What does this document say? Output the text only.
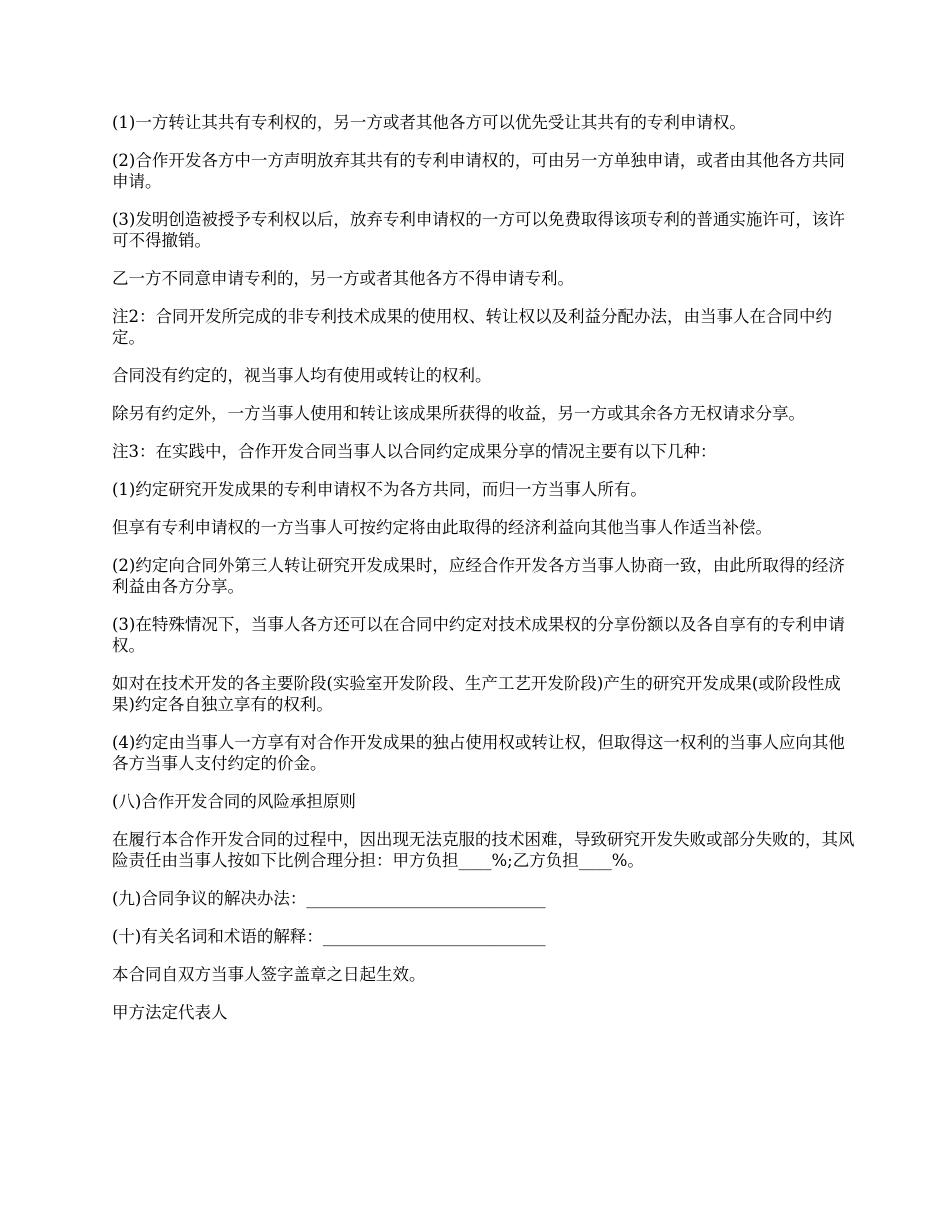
(1)一方转让其共有专利权的，另一方或者其他各方可以优先受让其共有的专利申请权。

(2)合作开发各方中一方声明放弃其共有的专利申请权的，可由另一方单独申请，或者由其他各方共同申请。

(3)发明创造被授予专利权以后，放弃专利申请权的一方可以免费取得该项专利的普通实施许可，该许可不得撤销。

乙一方不同意申请专利的，另一方或者其他各方不得申请专利。

注2：合同开发所完成的非专利技术成果的使用权、转让权以及利益分配办法，由当事人在合同中约定。

合同没有约定的，视当事人均有使用或转让的权利。

除另有约定外，一方当事人使用和转让该成果所获得的收益，另一方或其余各方无权请求分享。

注3：在实践中，合作开发合同当事人以合同约定成果分享的情况主要有以下几种：

(1)约定研究开发成果的专利申请权不为各方共同，而归一方当事人所有。

但享有专利申请权的一方当事人可按约定将由此取得的经济利益向其他当事人作适当补偿。

(2)约定向合同外第三人转让研究开发成果时，应经合作开发各方当事人协商一致，由此所取得的经济利益由各方分享。

(3)在特殊情况下，当事人各方还可以在合同中约定对技术成果权的分享份额以及各自享有的专利申请权。

如对在技术开发的各主要阶段(实验室开发阶段、生产工艺开发阶段)产生的研究开发成果(或阶段性成果)约定各自独立享有的权利。

(4)约定由当事人一方享有对合作开发成果的独占使用权或转让权，但取得这一权利的当事人应向其他各方当事人支付约定的价金。

(八)合作开发合同的风险承担原则

在履行本合作开发合同的过程中，因出现无法克服的技术困难，导致研究开发失败或部分失败的，其风险责任由当事人按如下比例合理分担：甲方负担____%;乙方负担____%。

(九)合同争议的解决办法：_____________________________

(十)有关名词和术语的解释：___________________________

本合同自双方当事人签字盖章之日起生效。

甲方法定代表人
